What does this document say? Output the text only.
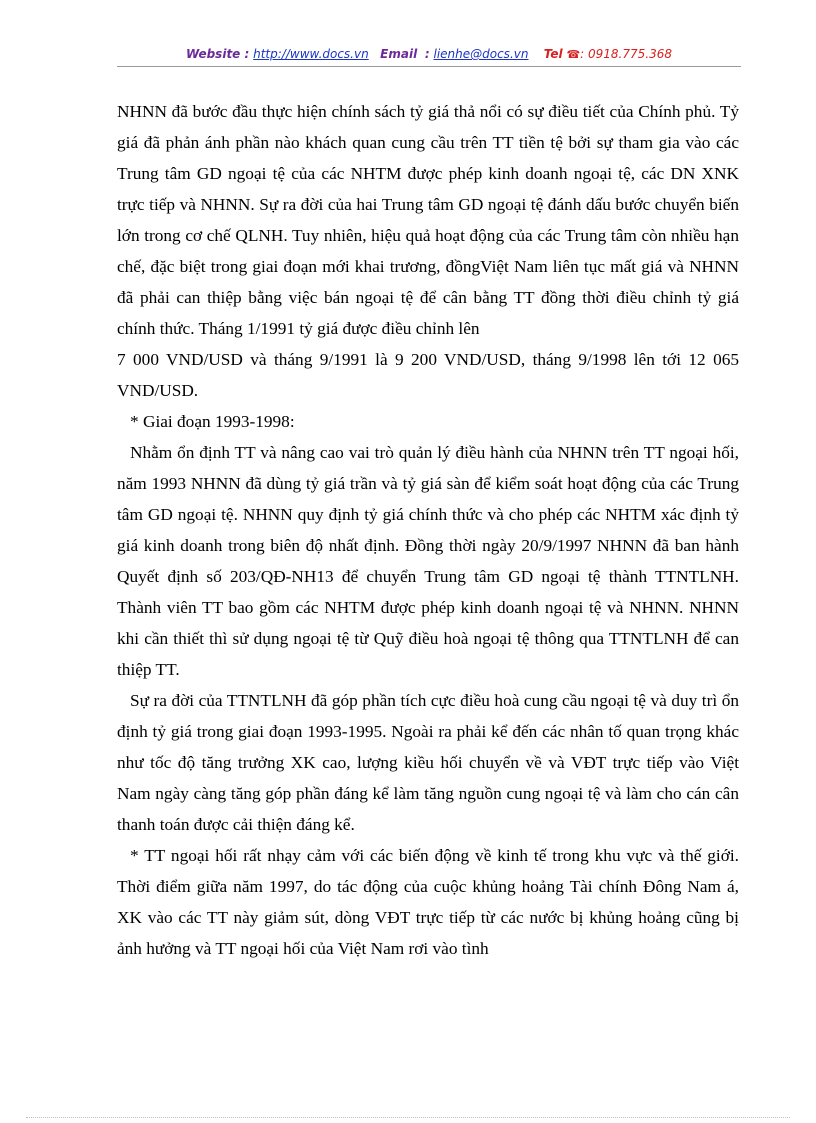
Website : http://www.docs.vn Email : lienhe@docs.vn Tel ☎: 0918.775.368

NHNN đã bước đầu thực hiện chính sách tỷ giá thả nổi có sự điều tiết của Chính phủ. Tỷ giá đã phản ánh phần nào khách quan cung cầu trên TT tiền tệ bởi sự tham gia vào các Trung tâm GD ngoại tệ của các NHTM được phép kinh doanh ngoại tệ, các DN XNK trực tiếp và NHNN. Sự ra đời của hai Trung tâm GD ngoại tệ đánh dấu bước chuyển biến lớn trong cơ chế QLNH. Tuy nhiên, hiệu quả hoạt động của các Trung tâm còn nhiều hạn chế, đặc biệt trong giai đoạn mới khai trương, đồngViệt Nam liên tục mất giá và NHNN đã phải can thiệp bằng việc bán ngoại tệ để cân bằng TT đồng thời điều chỉnh tỷ giá chính thức. Tháng 1/1991 tỷ giá được điều chỉnh lên

7 000 VND/USD và tháng 9/1991 là 9 200 VND/USD, tháng 9/1998 lên tới 12 065 VND/USD.

* Giai đoạn 1993-1998:

Nhằm ổn định TT và nâng cao vai trò quản lý điều hành của NHNN trên TT ngoại hối, năm 1993 NHNN đã dùng tỷ giá trần và tỷ giá sàn để kiểm soát hoạt động của các Trung tâm GD ngoại tệ. NHNN quy định tỷ giá chính thức và cho phép các NHTM xác định tỷ giá kinh doanh trong biên độ nhất định. Đồng thời ngày 20/9/1997 NHNN đã ban hành Quyết định số 203/QĐ-NH13 để chuyển Trung tâm GD ngoại tệ thành TTNTLNH. Thành viên TT bao gồm các NHTM được phép kinh doanh ngoại tệ và NHNN. NHNN khi cần thiết thì sử dụng ngoại tệ từ Quỹ điều hoà ngoại tệ thông qua TTNTLNH để can thiệp TT.

Sự ra đời của TTNTLNH đã góp phần tích cực điều hoà cung cầu ngoại tệ và duy trì ổn định tỷ giá trong giai đoạn 1993-1995. Ngoài ra phải kể đến các nhân tố quan trọng khác như tốc độ tăng trưởng XK cao, lượng kiều hối chuyển về và VĐT trực tiếp vào Việt Nam ngày càng tăng góp phần đáng kể làm tăng nguồn cung ngoại tệ và làm cho cán cân thanh toán được cải thiện đáng kể.

* TT ngoại hối rất nhạy cảm với các biến động về kinh tế trong khu vực và thế giới. Thời điểm giữa năm 1997, do tác động của cuộc khủng hoảng Tài chính Đông Nam á, XK vào các TT này giảm sút, dòng VĐT trực tiếp từ các nước bị khủng hoảng cũng bị ảnh hưởng và TT ngoại hối của Việt Nam rơi vào tình
